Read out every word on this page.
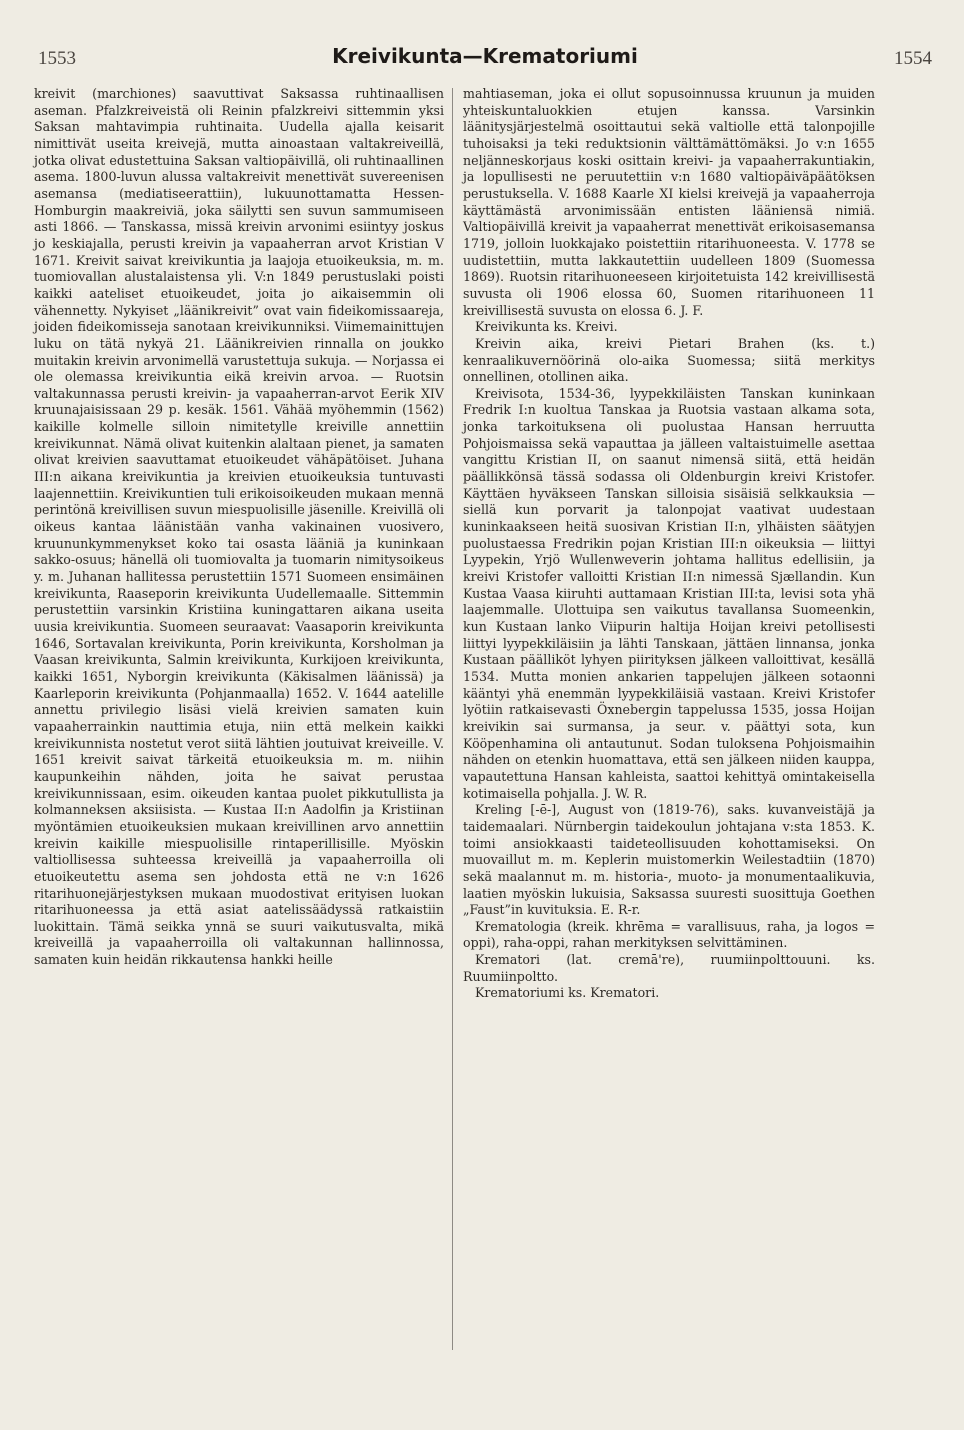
1553	Kreivikunta—Krematoriumi	1554

kreivit (marchiones) saavuttivat Saksassa ruhtinaallisen aseman. Pfalzkreiveistä oli Reinin pfalzkreivi sittemmin yksi Saksan mahtavimpia ruhtinaita. Uudella ajalla keisarit nimittivät useita kreivejä, mutta ainoastaan valtakreiveillä, jotka olivat edustettuina Saksan valtiopäivillä, oli ruhtinaallinen asema. 1800-luvun alussa valtakreivit menettivät suvereenisen asemansa (mediatiseerattiin), lukuunottamatta Hessen-Homburgin maakreiviä, joka säilytti sen suvun sammumiseen asti 1866. — Tanskassa, missä kreivin arvonimi esiintyy joskus jo keskiajalla, perusti kreivin ja vapaaherran arvot Kristian V 1671. Kreivit saivat kreivikuntia ja laajoja etuoikeuksia, m. m. tuomiovallan alustalaistensa yli. V:n 1849 perustuslaki poisti kaikki aateliset etuoikeudet, joita jo aikaisemmin oli vähennetty. Nykyiset „läänikreivit” ovat vain fideikomissaareja, joiden fideikomisseja sanotaan kreivikunniksi. Viimemainittujen luku on tätä nykyä 21. Läänikreivien rinnalla on joukko muitakin kreivin arvonimellä varustettuja sukuja. — Norjassa ei ole olemassa kreivikuntia eikä kreivin arvoa. — Ruotsin valtakunnassa perusti kreivin- ja vapaaherran-arvot Eerik XIV kruunajaisissaan 29 p. kesäk. 1561. Vähää myöhemmin (1562) kaikille kolmelle silloin nimitetylle kreiville annettiin kreivikunnat. Nämä olivat kuitenkin alaltaan pienet, ja samaten olivat kreivien saavuttamat etuoikeudet vähäpätöiset. Juhana III:n aikana kreivikuntia ja kreivien etuoikeuksia tuntuvasti laajennettiin. Kreivikuntien tuli erikoisoikeuden mukaan mennä perintönä kreivillisen suvun miespuolisille jäsenille. Kreivillä oli oikeus kantaa läänistään vanha vakinainen vuosivero, kruununkymmenykset koko tai osasta lääniä ja kuninkaan sakko-osuus; hänellä oli tuomiovalta ja tuomarin nimitysoikeus y. m. Juhanan hallitessa perustettiin 1571 Suomeen ensimäinen kreivikunta, Raaseporin kreivikunta Uudellemaalle. Sittemmin perustettiin varsinkin Kristiina kuningattaren aikana useita uusia kreivikuntia. Suomeen seuraavat: Vaasaporin kreivikunta 1646, Sortavalan kreivikunta, Porin kreivikunta, Korsholman ja Vaasan kreivikunta, Salmin kreivikunta, Kurkijoen kreivikunta, kaikki 1651, Nyborgin kreivikunta (Käkisalmen läänissä) ja Kaarleporin kreivikunta (Pohjanmaalla) 1652. V. 1644 aatelille annettu privilegio lisäsi vielä kreivien samaten kuin vapaaherrainkin nauttimia etuja, niin että melkein kaikki kreivikunnista nostetut verot siitä lähtien joutuivat kreiveille. V. 1651 kreivit saivat tärkeitä etuoikeuksia m. m. niihin kaupunkeihin nähden, joita he saivat perustaa kreivikunnissaan, esim. oikeuden kantaa puolet pikkutullista ja kolmanneksen aksiisista. — Kustaa II:n Aadolfin ja Kristiinan myöntämien etuoikeuksien mukaan kreivillinen arvo annettiin kreivin kaikille miespuolisille rintaperillisille. Myöskin valtiollisessa suhteessa kreiveillä ja vapaaherroilla oli etuoikeutettu asema sen johdosta että ne v:n 1626 ritarihuonejärjestyksen mukaan muodostivat erityisen luokan ritarihuoneessa ja että asiat aatelissäädyssä ratkaistiin luokittain. Tämä seikka ynnä se suuri vaikutusvalta, mikä kreiveillä ja vapaaherroilla oli valtakunnan hallinnossa, samaten kuin heidän rikkautensa hankki heille

mahtiaseman, joka ei ollut sopusoinnussa kruunun ja muiden yhteiskuntaluokkien etujen kanssa. Varsinkin läänitysjärjestelmä osoittautui sekä valtiolle että talonpojille tuhoisaksi ja teki reduktsionin välttämättömäksi. Jo v:n 1655 neljänneskorjaus koski osittain kreivi- ja vapaaherrakuntiakin, ja lopullisesti ne peruutettiin v:n 1680 valtiopäiväpäätöksen perustuksella. V. 1688 Kaarle XI kielsi kreivejä ja vapaaherroja käyttämästä arvonimissään entisten lääniensä nimiä. Valtiopäivillä kreivit ja vapaaherrat menettivät erikoisasemansa 1719, jolloin luokkajako poistettiin ritarihuoneesta. V. 1778 se uudistettiin, mutta lakkautettiin uudelleen 1809 (Suomessa 1869). Ruotsin ritarihuoneeseen kirjoitetuista 142 kreivillisestä suvusta oli 1906 elossa 60, Suomen ritarihuoneen 11 kreivillisestä suvusta on elossa 6. J. F.

Kreivikunta ks. Kreivi.

Kreivin aika, kreivi Pietari Brahen (ks. t.) kenraalikuvernöörinä olo-aika Suomessa; siitä merkitys onnellinen, otollinen aika.

Kreivisota, 1534-36, lyypekkiläisten Tanskan kuninkaan Fredrik I:n kuoltua Tanskaa ja Ruotsia vastaan alkama sota, jonka tarkoituksena oli puolustaa Hansan herruutta Pohjoismaissa sekä vapauttaa ja jälleen valtaistuimelle asettaa vangittu Kristian II, on saanut nimensä siitä, että heidän päällikkönsä tässä sodassa oli Oldenburgin kreivi Kristofer. Käyttäen hyväkseen Tanskan silloisia sisäisiä selkkauksia — siellä kun porvarit ja talonpojat vaativat uudestaan kuninkaakseen heitä suosivan Kristian II:n, ylhäisten säätyjen puolustaessa Fredrikin pojan Kristian III:n oikeuksia — liittyi Lyypekin, Yrjö Wullenweverin johtama hallitus edellisiin, ja kreivi Kristofer valloitti Kristian II:n nimessä Sjællandin. Kun Kustaa Vaasa kiiruhti auttamaan Kristian III:ta, levisi sota yhä laajemmalle. Ulottuipa sen vaikutus tavallansa Suomeenkin, kun Kustaan lanko Viipurin haltija Hoijan kreivi petollisesti liittyi lyypekkiläisiin ja lähti Tanskaan, jättäen linnansa, jonka Kustaan päälliköt lyhyen piirityksen jälkeen valloittivat, kesällä 1534. Mutta monien ankarien tappelujen jälkeen sotaonni kääntyi yhä enemmän lyypekkiläisiä vastaan. Kreivi Kristofer lyötiin ratkaisevasti Öxnebergin tappelussa 1535, jossa Hoijan kreivikin sai surmansa, ja seur. v. päättyi sota, kun Kööpenhamina oli antautunut. Sodan tuloksena Pohjoismaihin nähden on etenkin huomattava, että sen jälkeen niiden kauppa, vapautettuna Hansan kahleista, saattoi kehittyä omintakeisella kotimaisella pohjalla. J. W. R.

Kreling [-ē-], August von (1819-76), saks. kuvanveistäjä ja taidemaalari. Nürnbergin taidekoulun johtajana v:sta 1853. K. toimi ansiokkaasti taideteollisuuden kohottamiseksi. On muovaillut m. m. Keplerin muistomerkin Weilestadtiin (1870) sekä maalannut m. m. historia-, muoto- ja monumentaalikuvia, laatien myöskin lukuisia, Saksassa suuresti suosittuja Goethen „Faust”in kuvituksia. E. R-r.

Krematologia (kreik. khrēma = varallisuus, raha, ja logos = oppi), raha-oppi, rahan merkityksen selvittäminen.

Krematori (lat. cremā're), ruumiinpolttouuni. ks. Ruumiinpoltto.

Krematoriumi ks. Krematori.
